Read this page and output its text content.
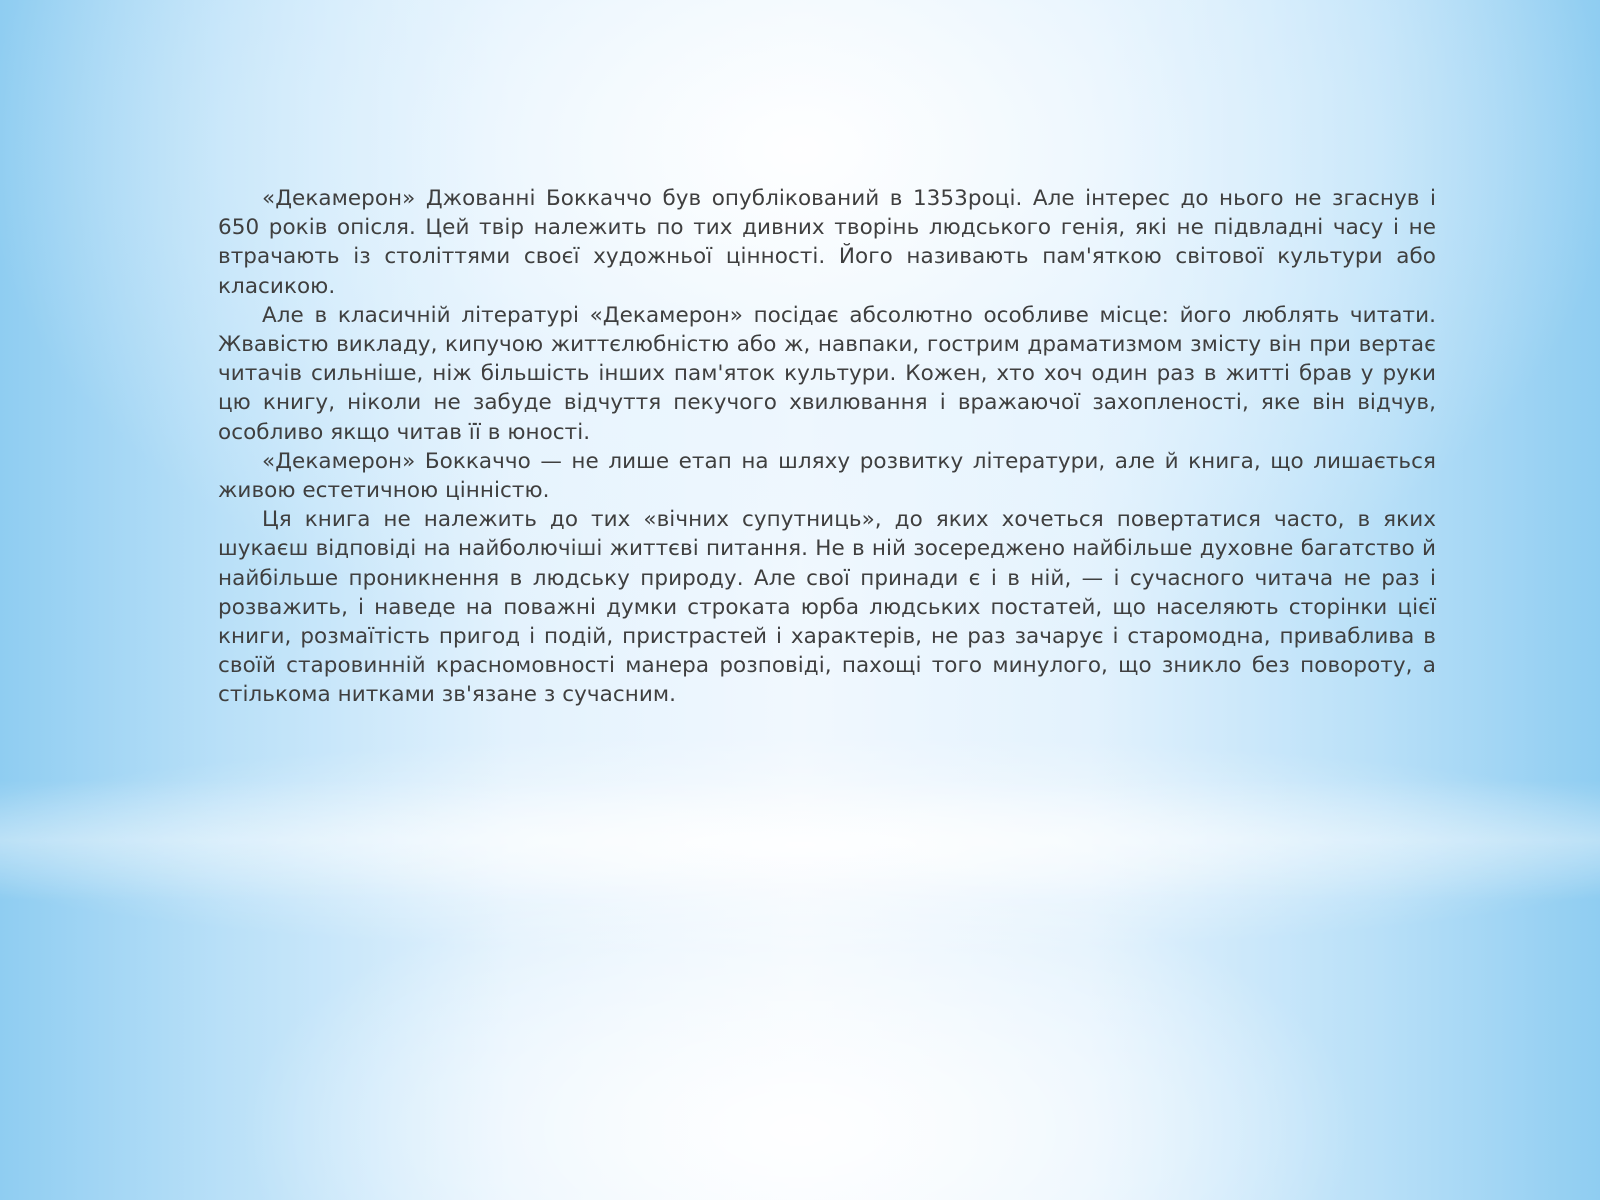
«Декамерон» Джованні Боккаччо був опублікований в 1353році. Але інтерес до нього не згаснув і 650 років опісля. Цей твір належить по тих дивних творінь людського генія, які не підвладні часу і не втрачають із століттями своєї художньої цінності. Його називають пам'яткою світової культури або класикою.

Але в класичній літературі «Декамерон» посідає абсолютно особливе місце: його люблять читати. Жвавістю викладу, кипучою життєлюбністю або ж, навпаки, гострим драматизмом змісту він при вертає читачів сильніше, ніж більшість інших пам'яток культури. Кожен, хто хоч один раз в житті брав у руки цю книгу, ніколи не забуде відчуття пекучого хвилювання і вражаючої захопленості, яке він відчув, особливо якщо читав її в юності.

«Декамерон» Боккаччо — не лише етап на шляху розвитку літератури, але й книга, що лишається живою естетичною цінністю.

Ця книга не належить до тих «вічних супутниць», до яких хочеться повертатися часто, в яких шукаєш відповіді на найболючіші життєві питання. Не в ній зосереджено найбільше духовне багатство й найбільше проникнення в людську природу. Але свої принади є і в ній, — і сучасного читача не раз і розважить, і наведе на поважні думки строката юрба людських постатей, що населяють сторінки цієї книги, розмаїтість пригод і подій, пристрастей і характерів, не раз зачарує і старомодна, приваблива в своїй старовинній красномовності манера розповіді, пахощі того минулого, що зникло без повороту, а стількома нитками зв'язане з сучасним.
